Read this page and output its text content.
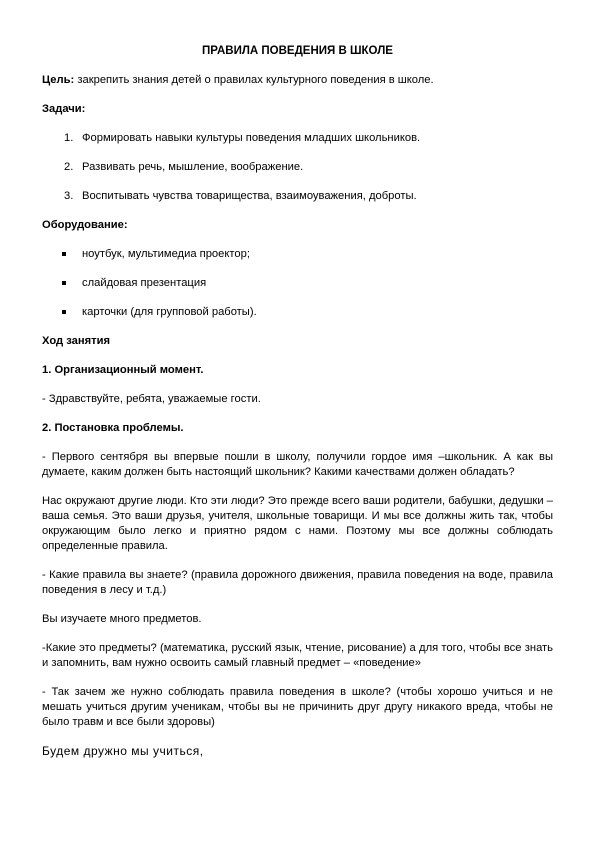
ПРАВИЛА ПОВЕДЕНИЯ В ШКОЛЕ
Цель: закрепить знания детей о правилах культурного поведения в школе.
Задачи:
1. Формировать навыки культуры поведения младших школьников.
2. Развивать речь, мышление, воображение.
3. Воспитывать чувства товарищества, взаимоуважения, доброты.
Оборудование:
ноутбук, мультимедиа проектор;
слайдовая презентация
карточки (для групповой работы).
Ход занятия
1. Организационный момент.
- Здравствуйте, ребята, уважаемые гости.
2. Постановка проблемы.
- Первого сентября вы впервые пошли в школу, получили гордое имя –школьник. А как вы думаете, каким должен быть настоящий школьник? Какими качествами должен обладать?
Нас окружают другие люди. Кто эти люди? Это прежде всего ваши родители, бабушки, дедушки – ваша семья. Это ваши друзья, учителя, школьные товарищи. И мы все должны жить так, чтобы окружающим было легко и приятно рядом с нами. Поэтому мы все должны соблюдать определенные правила.
- Какие правила вы знаете? (правила дорожного движения, правила поведения на воде, правила поведения в лесу и т.д.)
Вы изучаете много предметов.
-Какие это предметы? (математика, русский язык, чтение, рисование) а для того, чтобы все знать и запомнить, вам нужно освоить самый главный предмет – «поведение»
- Так зачем же нужно соблюдать правила поведения в школе? (чтобы хорошо учиться и не мешать учиться другим ученикам, чтобы вы не причинить друг другу никакого вреда, чтобы не было травм и все были здоровы)
Будем дружно мы учиться,
